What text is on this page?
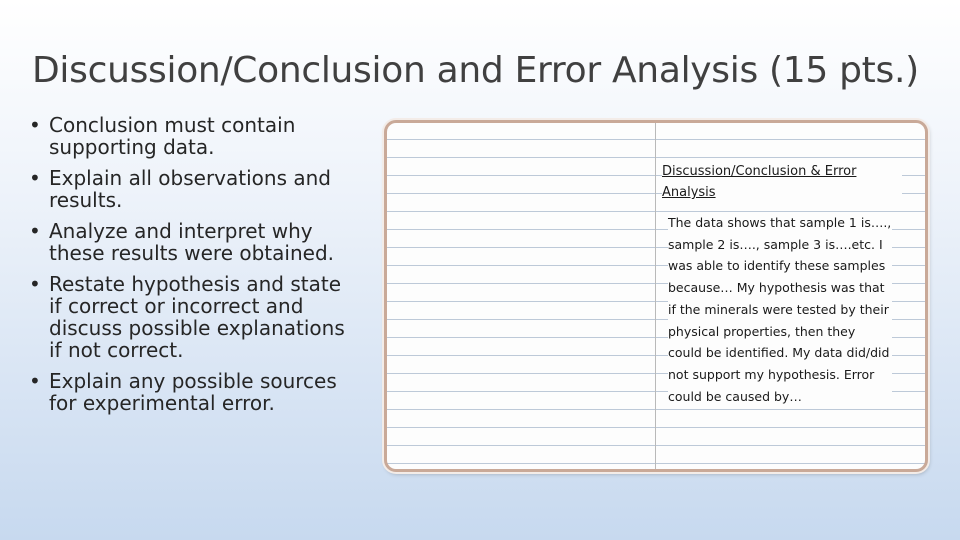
Discussion/Conclusion and Error Analysis (15 pts.)
• Conclusion must contain supporting data.
• Explain all observations and results.
• Analyze and interpret why these results were obtained.
• Restate hypothesis and state if correct or incorrect and discuss possible explanations if not correct.
• Explain any possible sources for experimental error.
Discussion/Conclusion & Error Analysis
The data shows that sample 1 is…., sample 2 is…., sample 3 is….etc. I was able to identify these samples because… My hypothesis was that if the minerals were tested by their physical properties, then they could be identified. My data did/did not support my hypothesis. Error could be caused by…
